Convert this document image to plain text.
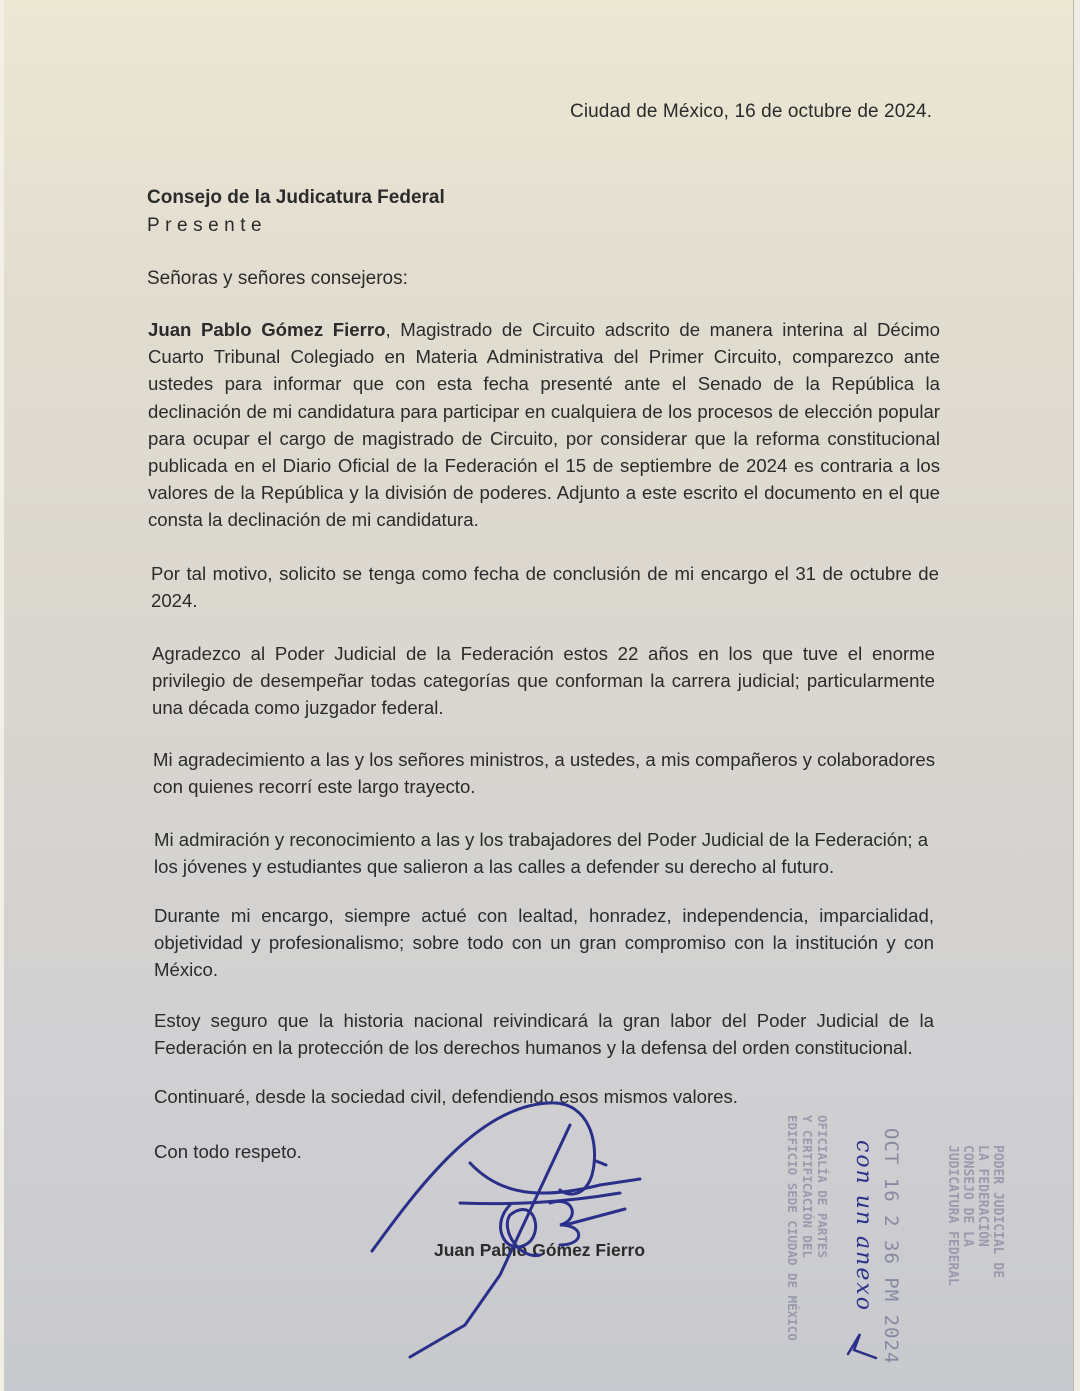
Ciudad de México, 16 de octubre de 2024.
Consejo de la Judicatura Federal
Presente
Señoras y señores consejeros:
Juan Pablo Gómez Fierro, Magistrado de Circuito adscrito de manera interina al Décimo Cuarto Tribunal Colegiado en Materia Administrativa del Primer Circuito, comparezco ante ustedes para informar que con esta fecha presenté ante el Senado de la República la declinación de mi candidatura para participar en cualquiera de los procesos de elección popular para ocupar el cargo de magistrado de Circuito, por considerar que la reforma constitucional publicada en el Diario Oficial de la Federación el 15 de septiembre de 2024 es contraria a los valores de la República y la división de poderes. Adjunto a este escrito el documento en el que consta la declinación de mi candidatura.
Por tal motivo, solicito se tenga como fecha de conclusión de mi encargo el 31 de octubre de 2024.
Agradezco al Poder Judicial de la Federación estos 22 años en los que tuve el enorme privilegio de desempeñar todas categorías que conforman la carrera judicial; particularmente una década como juzgador federal.
Mi agradecimiento a las y los señores ministros, a ustedes, a mis compañeros y colaboradores con quienes recorrí este largo trayecto.
Mi admiración y reconocimiento a las y los trabajadores del Poder Judicial de la Federación; a los jóvenes y estudiantes que salieron a las calles a defender su derecho al futuro.
Durante mi encargo, siempre actué con lealtad, honradez, independencia, imparcialidad, objetividad y profesionalismo; sobre todo con un gran compromiso con la institución y con México.
Estoy seguro que la historia nacional reivindicará la gran labor del Poder Judicial de la Federación en la protección de los derechos humanos y la defensa del orden constitucional.
Continuaré, desde la sociedad civil, defendiendo esos mismos valores.
Con todo respeto.
Juan Pablo Gómez Fierro	PODER JUDICIAL DE
LA FEDERACIÓN
CONSEJO DE LA
JUDICATURA FEDERAL
OCT 16 2 36 PM 2024
con un anexo
OFICIALÍA DE PARTES
Y CERTIFICACIÓN DEL
EDIFICIO SEDE CIUDAD DE MÉXICO
